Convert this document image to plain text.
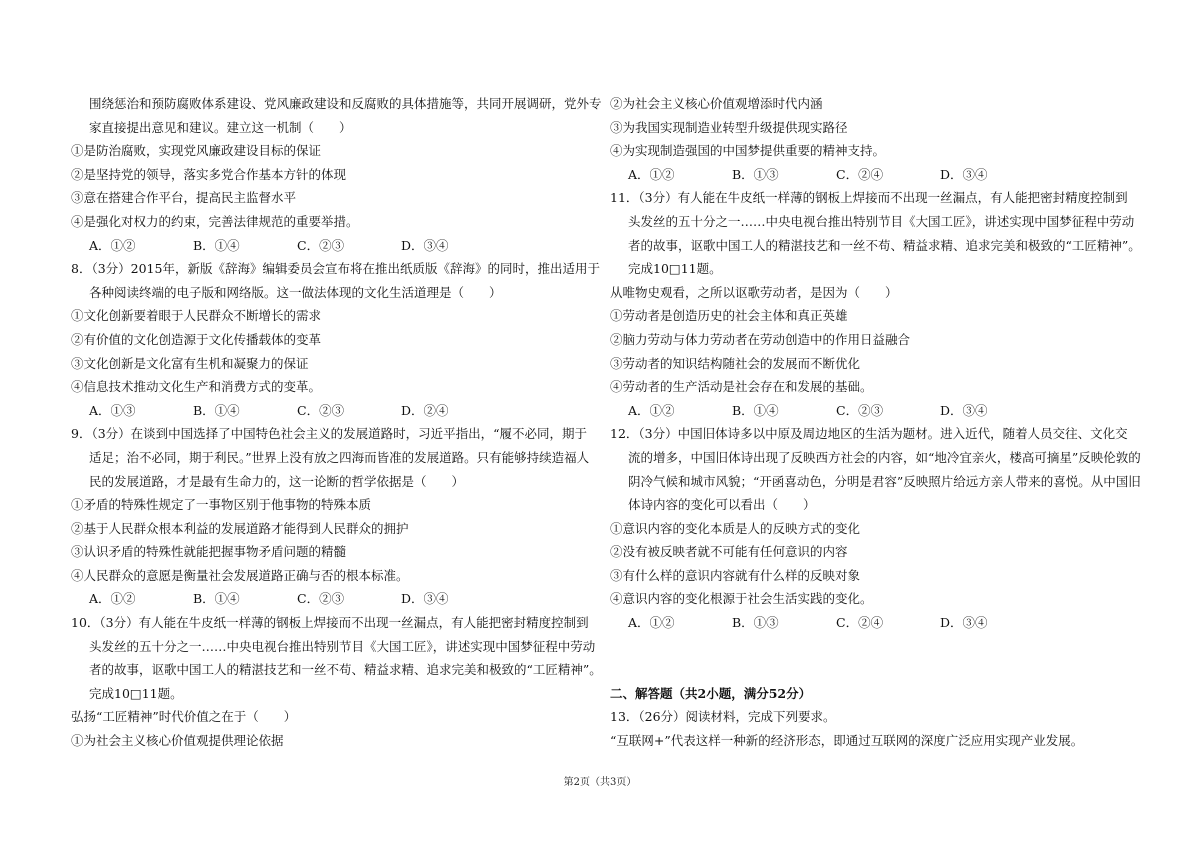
围绕惩治和预防腐败体系建设、党风廉政建设和反腐败的具体措施等，共同开展调研，党外专
家直接提出意见和建议。建立这一机制（　　）
①是防治腐败，实现党风廉政建设目标的保证
②是坚持党的领导，落实多党合作基本方针的体现
③意在搭建合作平台，提高民主监督水平
④是强化对权力的约束，完善法律规范的重要举措。
A．①②	B．①④	C．②③	D．③④
8．（3分）2015年，新版《辞海》编辑委员会宣布将在推出纸质版《辞海》的同时，推出适用于
各种阅读终端的电子版和网络版。这一做法体现的文化生活道理是（　　）
①文化创新要着眼于人民群众不断增长的需求
②有价值的文化创造源于文化传播载体的变革
③文化创新是文化富有生机和凝聚力的保证
④信息技术推动文化生产和消费方式的变革。
A．①③	B．①④	C．②③	D．②④
9．（3分）在谈到中国选择了中国特色社会主义的发展道路时，习近平指出，“履不必同，期于
适足；治不必同，期于利民。”世界上没有放之四海而皆准的发展道路。只有能够持续造福人
民的发展道路，才是最有生命力的，这一论断的哲学依据是（　　）
①矛盾的特殊性规定了一事物区别于他事物的特殊本质
②基于人民群众根本利益的发展道路才能得到人民群众的拥护
③认识矛盾的特殊性就能把握事物矛盾问题的精髓
④人民群众的意愿是衡量社会发展道路正确与否的根本标准。
A．①②	B．①④	C．②③	D．③④
10．（3分）有人能在牛皮纸一样薄的钢板上焊接而不出现一丝漏点，有人能把密封精度控制到
头发丝的五十分之一……中央电视台推出特别节目《大国工匠》，讲述实现中国梦征程中劳动
者的故事，讴歌中国工人的精湛技艺和一丝不苟、精益求精、追求完美和极致的“工匠精神”。
完成10□11题。
弘扬“工匠精神”时代价值之在于（　　）
①为社会主义核心价值观提供理论依据
②为社会主义核心价值观增添时代内涵
③为我国实现制造业转型升级提供现实路径
④为实现制造强国的中国梦提供重要的精神支持。
A．①②	B．①③	C．②④	D．③④
11．（3分）有人能在牛皮纸一样薄的钢板上焊接而不出现一丝漏点，有人能把密封精度控制到
头发丝的五十分之一……中央电视台推出特别节目《大国工匠》，讲述实现中国梦征程中劳动
者的故事，讴歌中国工人的精湛技艺和一丝不苟、精益求精、追求完美和极致的“工匠精神”。
完成10□11题。
从唯物史观看，之所以讴歌劳动者，是因为（　　）
①劳动者是创造历史的社会主体和真正英雄
②脑力劳动与体力劳动者在劳动创造中的作用日益融合
③劳动者的知识结构随社会的发展而不断优化
④劳动者的生产活动是社会存在和发展的基础。
A．①②	B．①④	C．②③	D．③④
12．（3分）中国旧体诗多以中原及周边地区的生活为题材。进入近代，随着人员交往、文化交
流的增多，中国旧体诗出现了反映西方社会的内容，如“地冷宜亲火，楼高可摘星”反映伦敦的
阴冷气候和城市风貌；“开函喜动色，分明是君容”反映照片给远方亲人带来的喜悦。从中国旧
体诗内容的变化可以看出（　　）
①意识内容的变化本质是人的反映方式的变化
②没有被反映者就不可能有任何意识的内容
③有什么样的意识内容就有什么样的反映对象
④意识内容的变化根源于社会生活实践的变化。
A．①②	B．①③	C．②④	D．③④
二、解答题（共2小题，满分52分）
13．（26分）阅读材料，完成下列要求。
“互联网+”代表这样一种新的经济形态，即通过互联网的深度广泛应用实现产业发展。
第2页（共3页）
